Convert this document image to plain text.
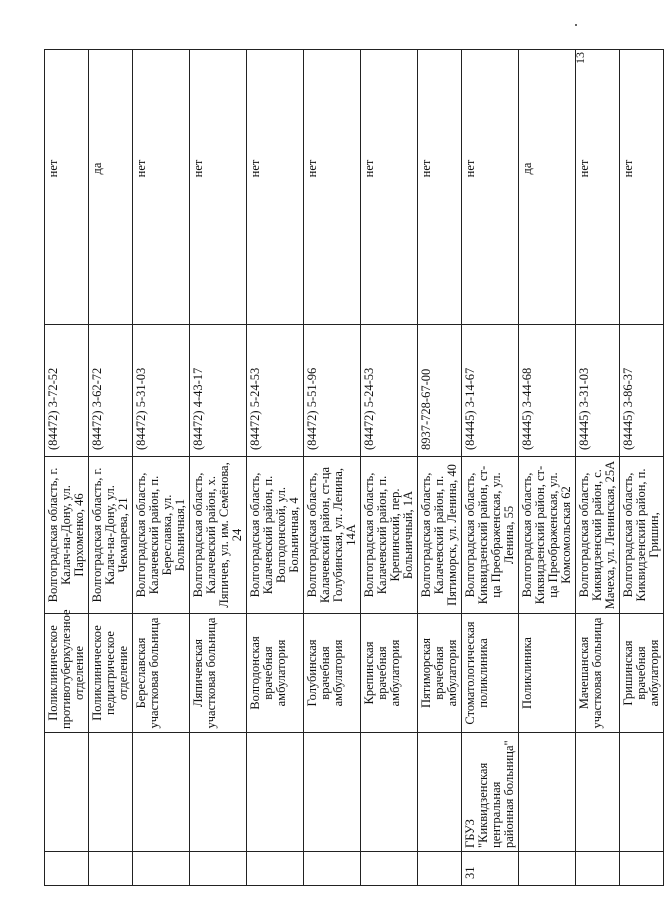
13
		Поликлиническое противотуберкулезное отделение	Волгоградская область, г. Калач-на-Дону, ул. Пархоменко, 46	(84472) 3-72-52	нет
		Поликлиническое педиатрическое отделение	Волгоградская область, г. Калач-на-Дону, ул. Чекмарева, 21	(84472) 3-62-72	да
		Береславская участковая больница	Волгоградская область, Калачевский район, п. Береславка, ул. Больничная,1	(84472) 5-31-03	нет
		Ляпичевская участковая больница	Волгоградская область, Калачевский район, х. Ляпичев, ул. им. Семёнова, 24	(84472) 4-43-17	нет
		Волгодонская врачебная амбулатория	Волгоградская область, Калачевский район, п. Волгодонской, ул. Больничная, 4	(84472) 5-24-53	нет
		Голубинская врачебная амбулатория	Волгоградская область, Калачевский район, ст-ца Голубинская, ул. Ленина, 14А	(84472) 5-51-96	нет
		Крепинская врачебная амбулатория	Волгоградская область, Калачевский район, п. Крепинский, пер. Больничный, 1А	(84472) 5-24-53	нет
		Пятиморская врачебная амбулатория	Волгоградская область, Калачевский район, п. Пятиморск, ул. Ленина, 40	8937-728-67-00	нет
31	ГБУЗ "Киквидзенская центральная районная больница"	Стоматологическая поликлиника	Волгоградская область, Киквидзенский район, ст-ца Преображенская, ул. Ленина, 55	(84445) 3-14-67	нет
		Поликлиника	Волгоградская область, Киквидзенский район, ст-ца Преображенская, ул. Комсомольская 62	(84445) 3-44-68	да
		Мачешанская участковая больница	Волгоградская область, Киквидзенский район, с. Мачеха, ул. Ленинская, 25А	(84445) 3-31-03	нет
		Гришинская врачебная амбулатория	Волгоградская область, Киквидзенский район, п. Гришин,	(84445) 3-86-37	нет
